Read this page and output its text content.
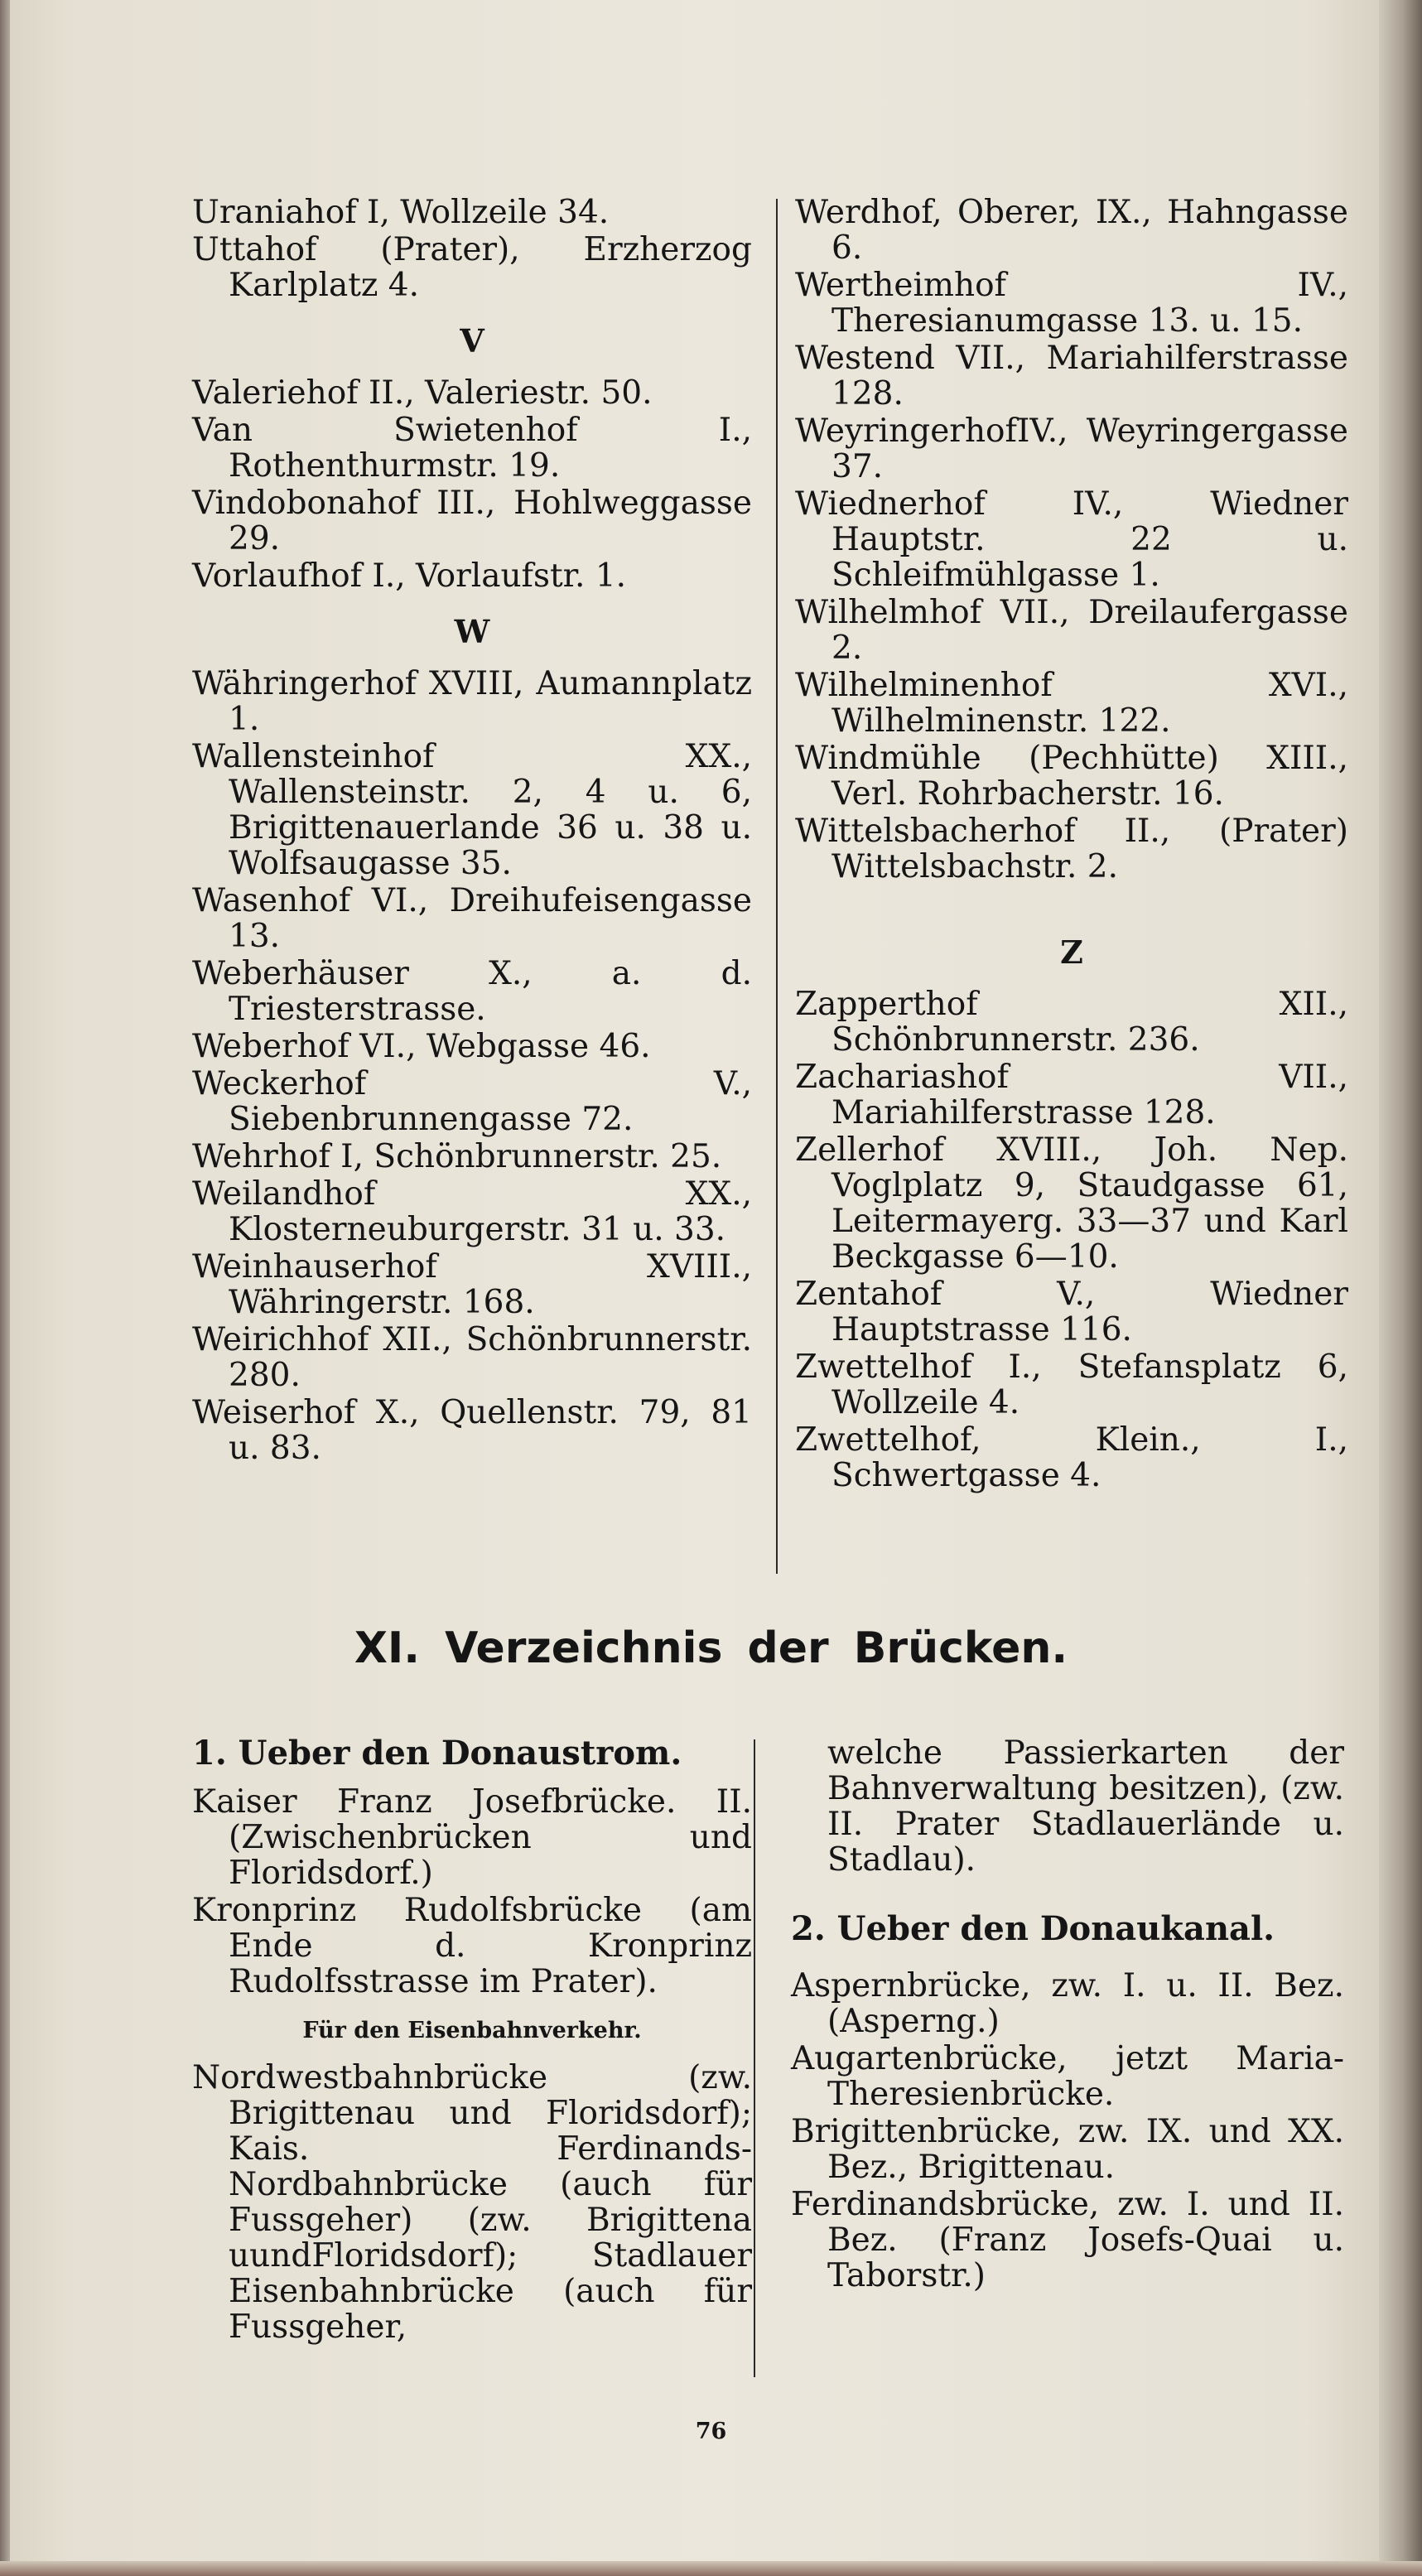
Uraniahof I, Wollzeile 34.

Uttahof (Prater), Erzherzog Karlplatz 4.

V

Valeriehof II., Valeriestr. 50.

Van Swietenhof I., Rothenthurmstr. 19.

Vindobonahof III., Hohlweggasse 29.

Vorlaufhof I., Vorlaufstr. 1.

W

Währingerhof XVIII, Aumannplatz 1.

Wallensteinhof XX., Wallensteinstr. 2, 4 u. 6, Brigittenauerlande 36 u. 38 u. Wolfsaugasse 35.

Wasenhof VI., Dreihufeisengasse 13.

Weberhäuser X., a. d. Triesterstrasse.

Weberhof VI., Webgasse 46.

Weckerhof V., Siebenbrunnengasse 72.

Wehrhof I, Schönbrunnerstr. 25.

Weilandhof XX., Klosterneuburgerstr. 31 u. 33.

Weinhauserhof XVIII., Währingerstr. 168.

Weirichhof XII., Schönbrunnerstr. 280.

Weiserhof X., Quellenstr. 79, 81 u. 83.

Werdhof, Oberer, IX., Hahngasse 6.

Wertheimhof IV., Theresianumgasse 13. u. 15.

Westend VII., Mariahilferstrasse 128.

WeyringerhofIV., Weyringergasse 37.

Wiednerhof IV., Wiedner Hauptstr. 22 u. Schleifmühlgasse 1.

Wilhelmhof VII., Dreilaufergasse 2.

Wilhelminenhof XVI., Wilhelminenstr. 122.

Windmühle (Pechhütte) XIII., Verl. Rohrbacherstr. 16.

Wittelsbacherhof II., (Prater) Wittelsbachstr. 2.

Z

Zapperthof XII., Schönbrunnerstr. 236.

Zachariashof VII., Mariahilferstrasse 128.

Zellerhof XVIII., Joh. Nep. Voglplatz 9, Staudgasse 61, Leitermayerg. 33—37 und Karl Beckgasse 6—10.

Zentahof V., Wiedner Hauptstrasse 116.

Zwettelhof I., Stefansplatz 6, Wollzeile 4.

Zwettelhof, Klein., I., Schwertgasse 4.

XI. Verzeichnis der Brücken.

1. Ueber den Donaustrom.

Kaiser Franz Josefbrücke. II. (Zwischenbrücken und Floridsdorf.)

Kronprinz Rudolfsbrücke (am Ende d. Kronprinz Rudolfsstrasse im Prater).

Für den Eisenbahnverkehr.

Nordwestbahnbrücke (zw. Brigittenau und Floridsdorf); Kais. Ferdinands-Nordbahnbrücke (auch für Fussgeher) (zw. Brigittena uundFloridsdorf); Stadlauer Eisenbahnbrücke (auch für Fussgeher,

welche Passierkarten der Bahnverwaltung besitzen), (zw. II. Prater Stadlauerlände u. Stadlau).

2. Ueber den Donaukanal.

Aspernbrücke, zw. I. u. II. Bez. (Asperng.)

Augartenbrücke, jetzt Maria-Theresienbrücke.

Brigittenbrücke, zw. IX. und XX. Bez., Brigittenau.

Ferdinandsbrücke, zw. I. und II. Bez. (Franz Josefs-Quai u. Taborstr.)

76
